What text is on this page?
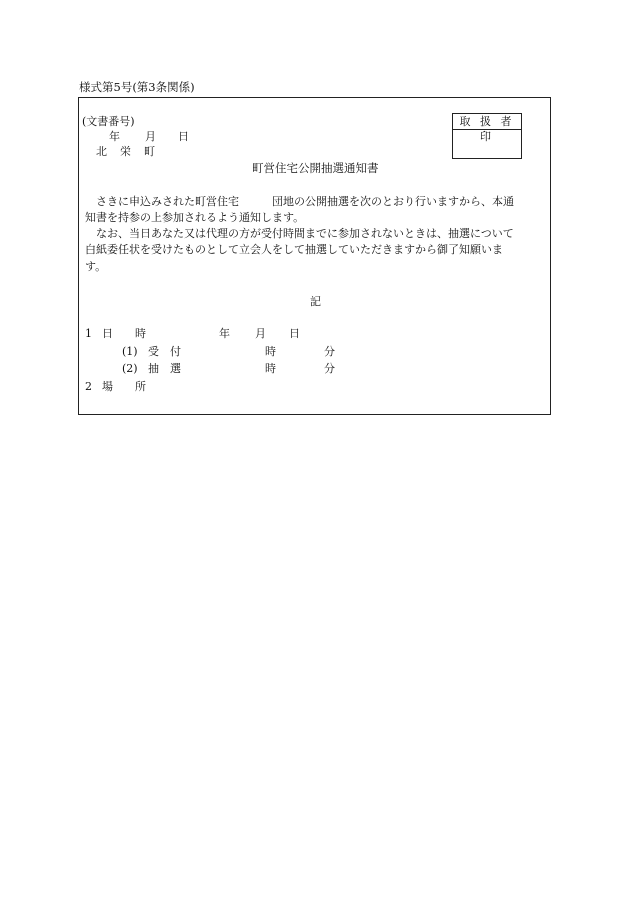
様式第5号(第3条関係)
取 扱 者 印
(文書番号)
年 月 日
北　栄　町
町営住宅公開抽選通知書
さきに申込みされた町営住宅　　　団地の公開抽選を次のとおり行いますから、本通
知書を持参の上参加されるよう通知します。
なお、当日あなた又は代理の方が受付時間までに参加されないときは、抽選について
白紙委任状を受けたものとして立会人をして抽選していただきますから御了知願いま
す。
記
1 日　　時	年 月 日
(1) 受　付	時	分
(2) 抽　選	時	分
2 場　　所
